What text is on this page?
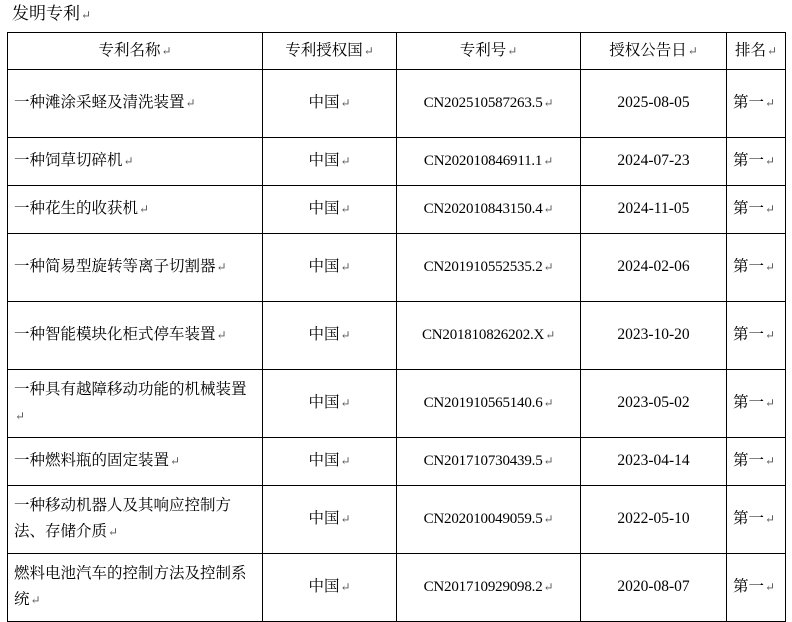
发明专利↵
专利名称↵	专利授权国↵	专利号↵	授权公告日↵	排名↵

一种滩涂采蛏及清洗装置↵	中国↵	CN202510587263.5↵	2025-08-05	第一↵

一种饲草切碎机↵	中国↵	CN202010846911.1↵	2024-07-23	第一↵

一种花生的收获机↵	中国↵	CN202010843150.4↵	2024-11-05	第一↵

一种简易型旋转等离子切割器↵	中国↵	CN201910552535.2↵	2024-02-06	第一↵

一种智能模块化柜式停车装置↵	中国↵	CN201810826202.X↵	2023-10-20	第一↵

一种具有越障移动功能的机械装置↵	中国↵	CN201910565140.6↵	2023-05-02	第一↵

一种燃料瓶的固定装置↵	中国↵	CN201710730439.5↵	2023-04-14	第一↵

一种移动机器人及其响应控制方法、存储介质↵	中国↵	CN202010049059.5↵	2022-05-10	第一↵

燃料电池汽车的控制方法及控制系统↵	中国↵	CN201710929098.2↵	2020-08-07	第一↵
